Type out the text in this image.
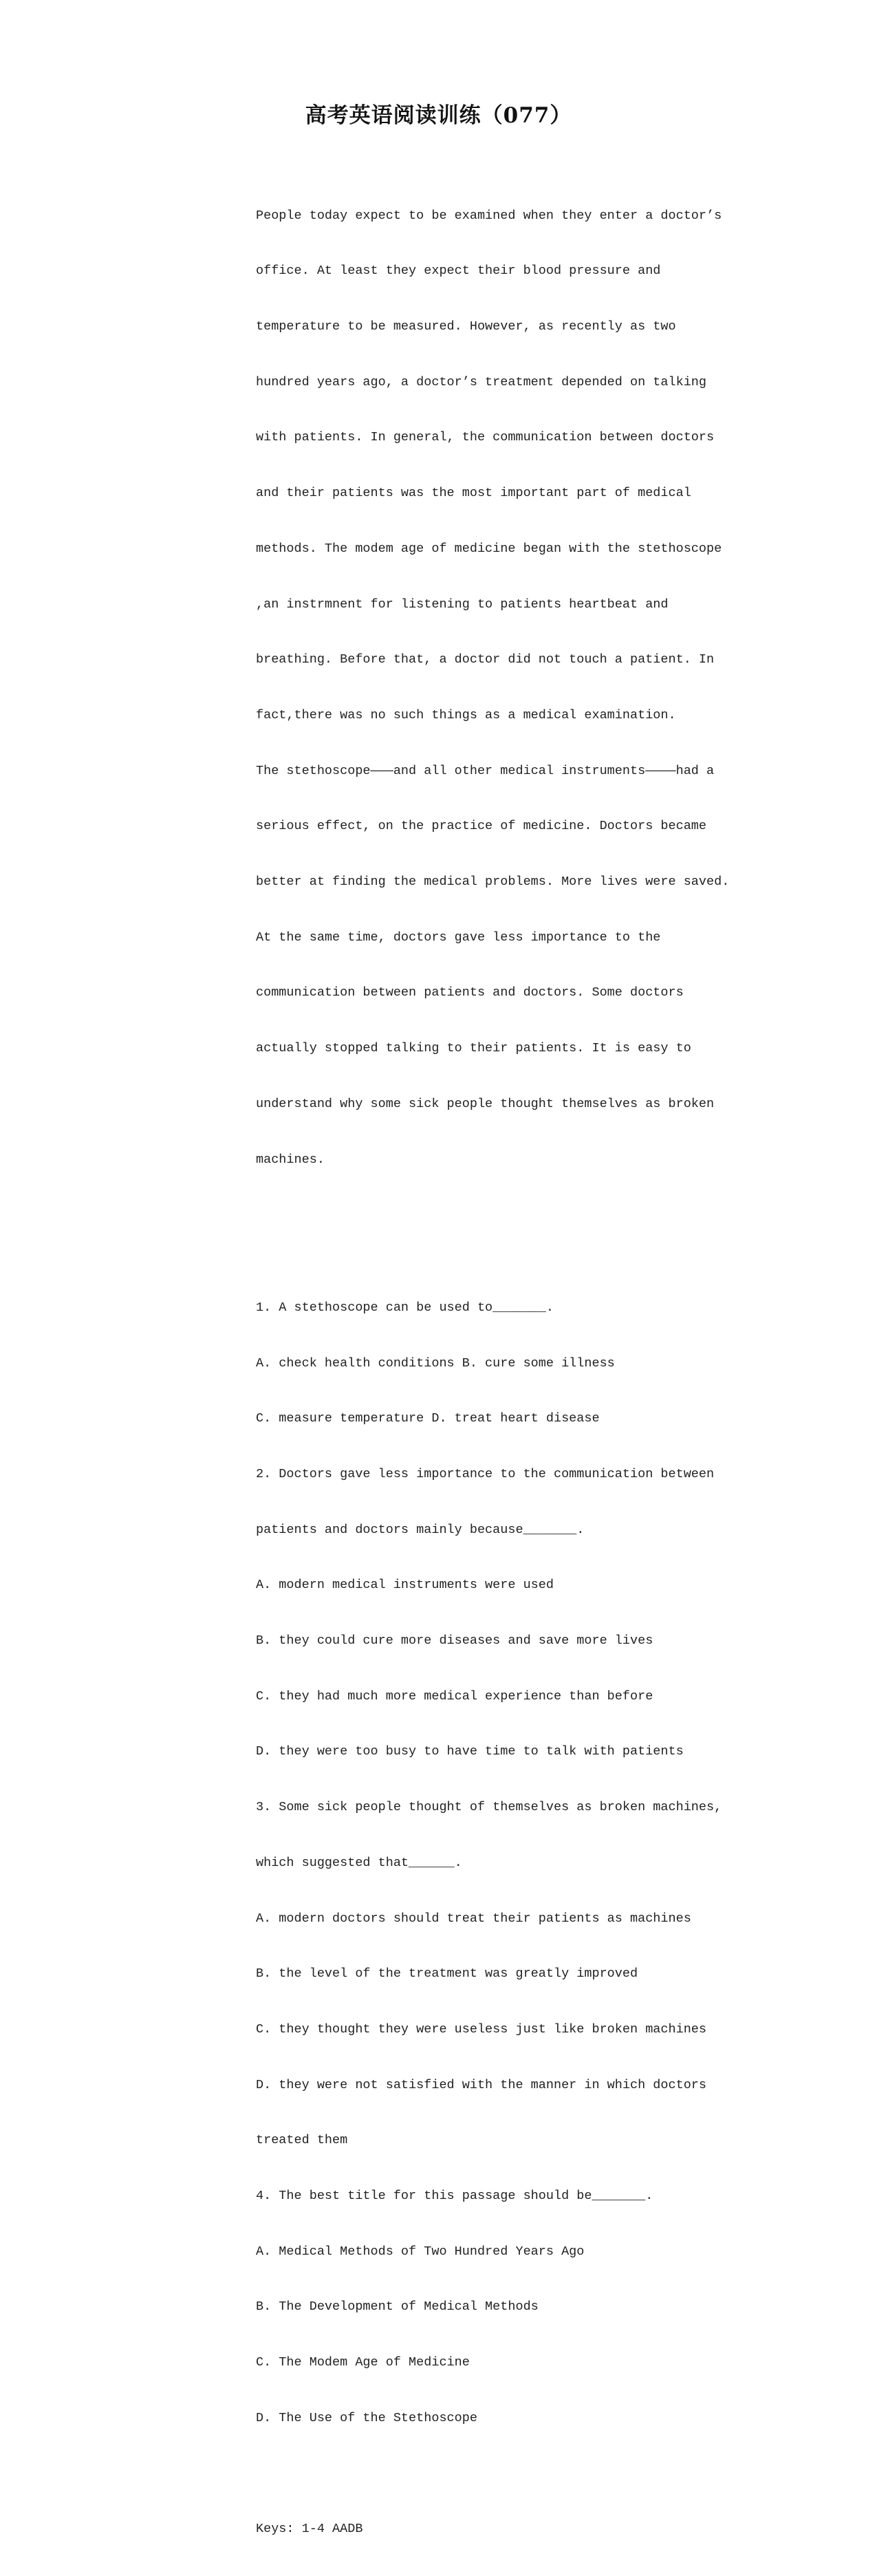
高考英语阅读训练（077）

People today expect to be examined when they enter a doctor’s

office. At least they expect their blood pressure and

temperature to be measured. However, as recently as two

hundred years ago, a doctor’s treatment depended on talking

with patients. In general, the communication between doctors

and their patients was the most important part of medical

methods. The modem age of medicine began with the stethoscope

,an instrmnent for listening to patients heartbeat and

breathing. Before that, a doctor did not touch a patient. In

fact,there was no such things as a medical examination.

The stethoscope———and all other medical instruments————had a

serious effect, on the practice of medicine. Doctors became

better at finding the medical problems. More lives were saved.

At the same time, doctors gave less importance to the

communication between patients and doctors. Some doctors

actually stopped talking to their patients. It is easy to

understand why some sick people thought themselves as broken

machines.

1. A stethoscope can be used to_______.

A. check health conditions B. cure some illness

C. measure temperature D. treat heart disease

2. Doctors gave less importance to the communication between

patients and doctors mainly because_______.

A. modern medical instruments were used

B. they could cure more diseases and save more lives

C. they had much more medical experience than before

D. they were too busy to have time to talk with patients

3. Some sick people thought of themselves as broken machines,

which suggested that______.

A. modern doctors should treat their patients as machines

B. the level of the treatment was greatly improved

C. they thought they were useless just like broken machines

D. they were not satisfied with the manner in which doctors

treated them

4. The best title for this passage should be_______.

A. Medical Methods of Two Hundred Years Ago

B. The Development of Medical Methods

C. The Modem Age of Medicine

D. The Use of the Stethoscope

Keys: 1-4 AADB
